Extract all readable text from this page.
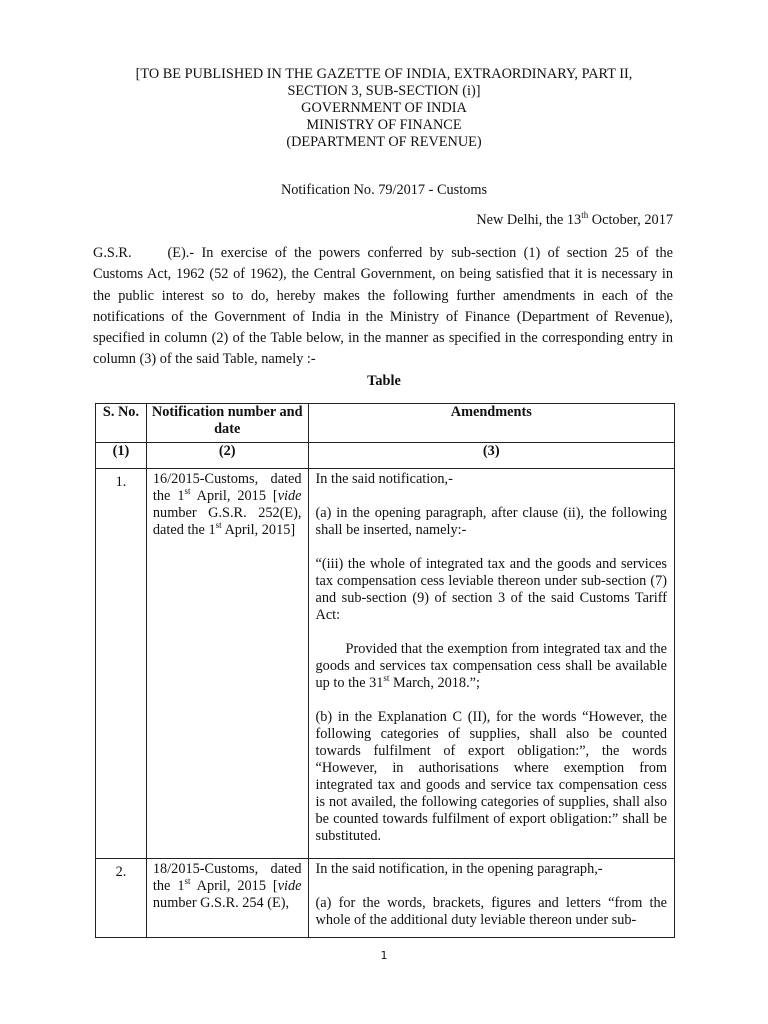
[TO BE PUBLISHED IN THE GAZETTE OF INDIA, EXTRAORDINARY, PART II,
SECTION 3, SUB-SECTION (i)]
GOVERNMENT OF INDIA
MINISTRY OF FINANCE
(DEPARTMENT OF REVENUE)
Notification No. 79/2017 - Customs
New Delhi, the 13th October, 2017
G.S.R.	(E).- In exercise of the powers conferred by sub-section (1) of section 25 of the Customs Act, 1962 (52 of 1962), the Central Government, on being satisfied that it is necessary in the public interest so to do, hereby makes the following further amendments in each of the notifications of the Government of India in the Ministry of Finance (Department of Revenue), specified in column (2) of the Table below, in the manner as specified in the corresponding entry in column (3) of the said Table, namely :-
Table
S. No.	Notification number and date	Amendments
(1)	(2)	(3)
1.	16/2015-Customs, dated the 1st April, 2015 [vide number G.S.R. 252(E), dated the 1st April, 2015]	In the said notification,-

(a) in the opening paragraph, after clause (ii), the following shall be inserted, namely:-

“(iii) the whole of integrated tax and the goods and services tax compensation cess leviable thereon under sub-section (7) and sub-section (9) of section 3 of the said Customs Tariff Act:

Provided that the exemption from integrated tax and the goods and services tax compensation cess shall be available up to the 31st March, 2018.”;

(b) in the Explanation C (II), for the words “However, the following categories of supplies, shall also be counted towards fulfilment of export obligation:”, the words “However, in authorisations where exemption from integrated tax and goods and service tax compensation cess is not availed, the following categories of supplies, shall also be counted towards fulfilment of export obligation:” shall be substituted.

2.	18/2015-Customs, dated the 1st April, 2015 [vide number G.S.R. 254 (E),	In the said notification, in the opening paragraph,-

(a) for the words, brackets, figures and letters “from the whole of the additional duty leviable thereon under sub-

1
